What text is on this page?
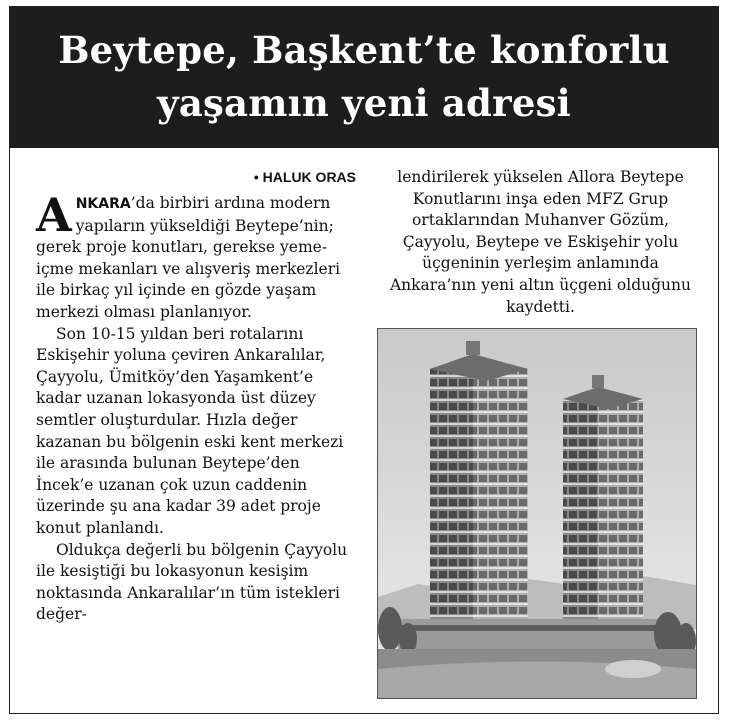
Beytepe, Başkent’te konforlu
yaşamın yeni adresi
• HALUK ORAS

ANKARA’da birbiri ardına modern yapıların yükseldiği Beytepe’nin; gerek proje konutları, gerekse yeme-içme mekanları ve alışveriş merkezleri ile birkaç yıl içinde en gözde yaşam merkezi olması planlanıyor.

Son 10-15 yıldan beri rotalarını Eskişehir yoluna çeviren Ankaralılar, Çayyolu, Ümitköy’den Yaşamkent’e kadar uzanan lokasyonda üst düzey semtler oluşturdular. Hızla değer kazanan bu bölgenin eski kent merkezi ile arasında bulunan Beytepe’den İncek’e uzanan çok uzun caddenin üzerinde şu ana kadar 39 adet proje konut planlandı.

Oldukça değerli bu bölgenin Çayyolu ile kesiştiği bu lokasyonun kesişim noktasında Ankaralılar’ın tüm istekleri değer-

lendirilerek yükselen Allora Beytepe Konutlarını inşa eden MFZ Grup ortaklarından Muhanver Gözüm, Çayyolu, Beytepe ve Eskişehir yolu üçgeninin yerleşim anlamında Ankara’nın yeni altın üçgeni olduğunu kaydetti.
